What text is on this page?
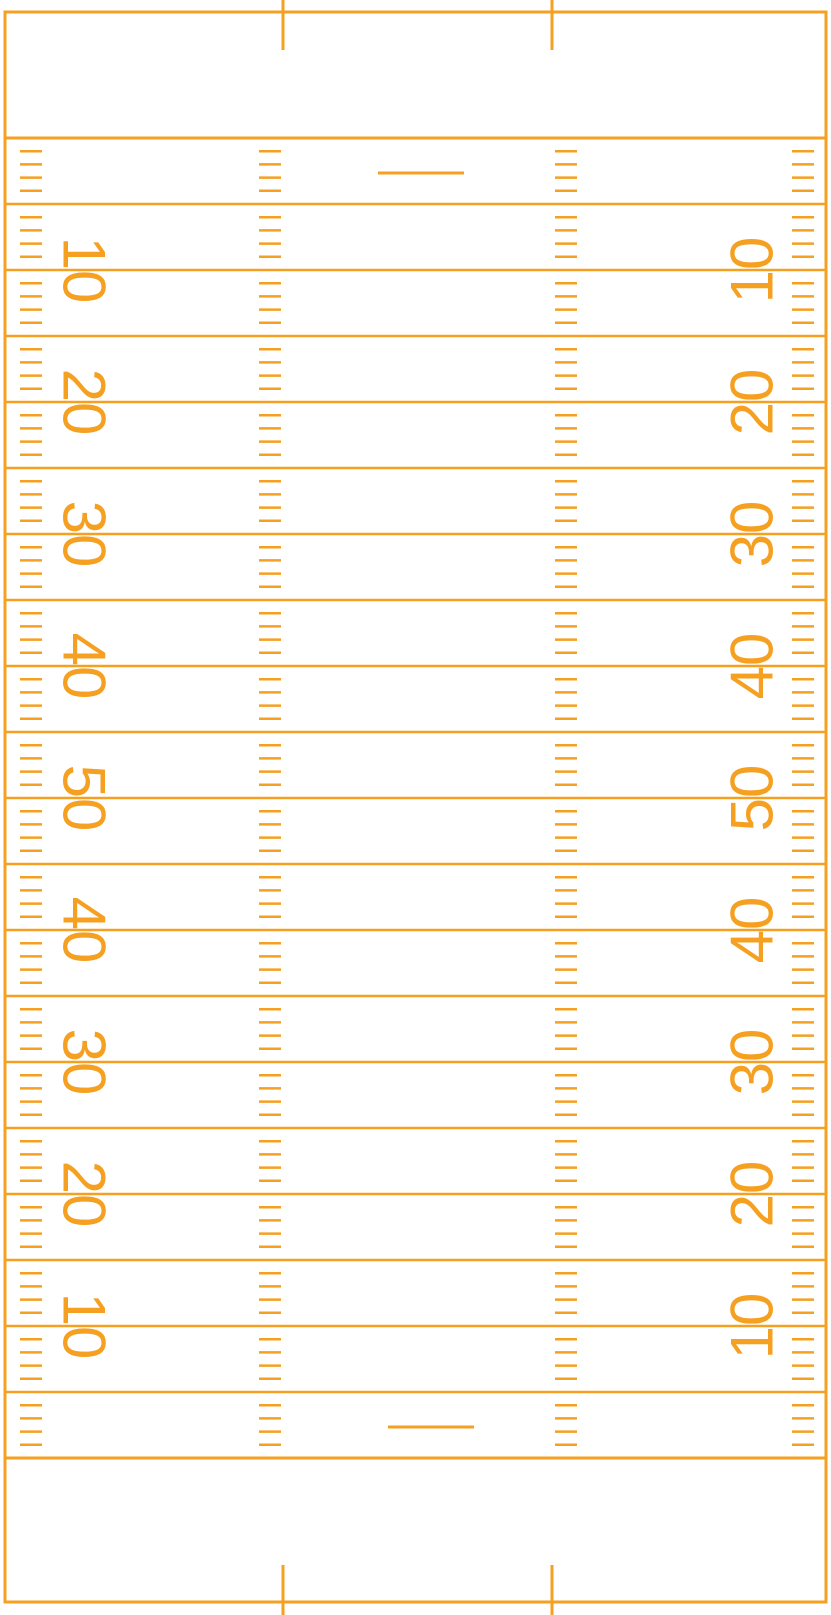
10	10
20	20
30	30
40	40
50	50
40	40
30	30
20	20
10	10
